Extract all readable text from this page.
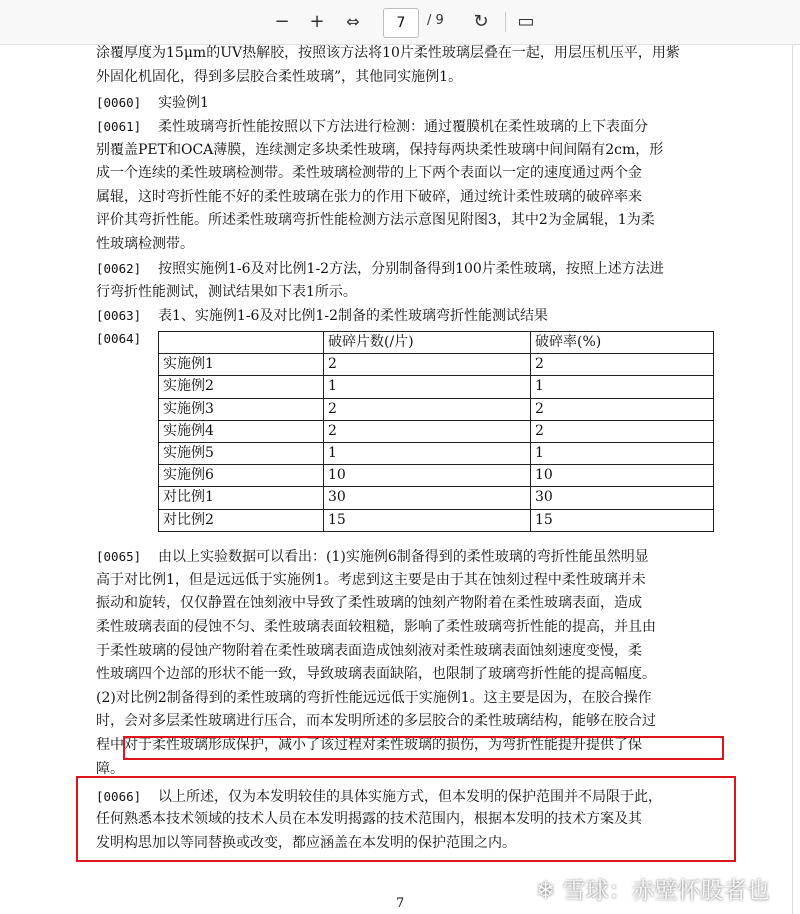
−	+	⇔	7	/ 9	↻	▭
涂覆厚度为15μm的UV热解胶，按照该方法将10片柔性玻璃层叠在一起，用层压机压平，用紫
外固化机固化，得到多层胶合柔性玻璃”，其他同实施例1。
[0060] 实验例1
[0061] 柔性玻璃弯折性能按照以下方法进行检测：通过覆膜机在柔性玻璃的上下表面分
别覆盖PET和OCA薄膜，连续测定多块柔性玻璃，保持每两块柔性玻璃中间间隔有2cm，形
成一个连续的柔性玻璃检测带。柔性玻璃检测带的上下两个表面以一定的速度通过两个金
属辊，这时弯折性能不好的柔性玻璃在张力的作用下破碎，通过统计柔性玻璃的破碎率来
评价其弯折性能。所述柔性玻璃弯折性能检测方法示意图见附图3，其中2为金属辊，1为柔
性玻璃检测带。
[0062] 按照实施例1-6及对比例1-2方法，分别制备得到100片柔性玻璃，按照上述方法进
行弯折性能测试，测试结果如下表1所示。
[0063] 表1、实施例1-6及对比例1-2制备的柔性玻璃弯折性能测试结果
[0064]
		破碎片数(/片)	破碎率(%)
实施例1	2	2
实施例2	1	1
实施例3	2	2
实施例4	2	2
实施例5	1	1
实施例6	10	10
对比例1	30	30
对比例2	15	15
[0065] 由以上实验数据可以看出：(1)实施例6制备得到的柔性玻璃的弯折性能虽然明显
高于对比例1，但是远远低于实施例1。考虑到这主要是由于其在蚀刻过程中柔性玻璃并未
振动和旋转，仅仅静置在蚀刻液中导致了柔性玻璃的蚀刻产物附着在柔性玻璃表面，造成
柔性玻璃表面的侵蚀不匀、柔性玻璃表面较粗糙，影响了柔性玻璃弯折性能的提高，并且由
于柔性玻璃的侵蚀产物附着在柔性玻璃表面造成蚀刻液对柔性玻璃表面蚀刻速度变慢，柔
性玻璃四个边部的形状不能一致，导致玻璃表面缺陷，也限制了玻璃弯折性能的提高幅度。
(2)对比例2制备得到的柔性玻璃的弯折性能远远低于实施例1。这主要是因为，在胶合操作
时，会对多层柔性玻璃进行压合，而本发明所述的多层胶合的柔性玻璃结构，能够在胶合过
程中对于柔性玻璃形成保护，减小了该过程对柔性玻璃的损伤，为弯折性能提升提供了保
障。
[0066] 以上所述，仅为本发明较佳的具体实施方式，但本发明的保护范围并不局限于此，
任何熟悉本技术领域的技术人员在本发明揭露的技术范围内，根据本发明的技术方案及其
发明构思加以等同替换或改变，都应涵盖在本发明的保护范围之内。
7	❄ 雪球：赤壁怀股者也
